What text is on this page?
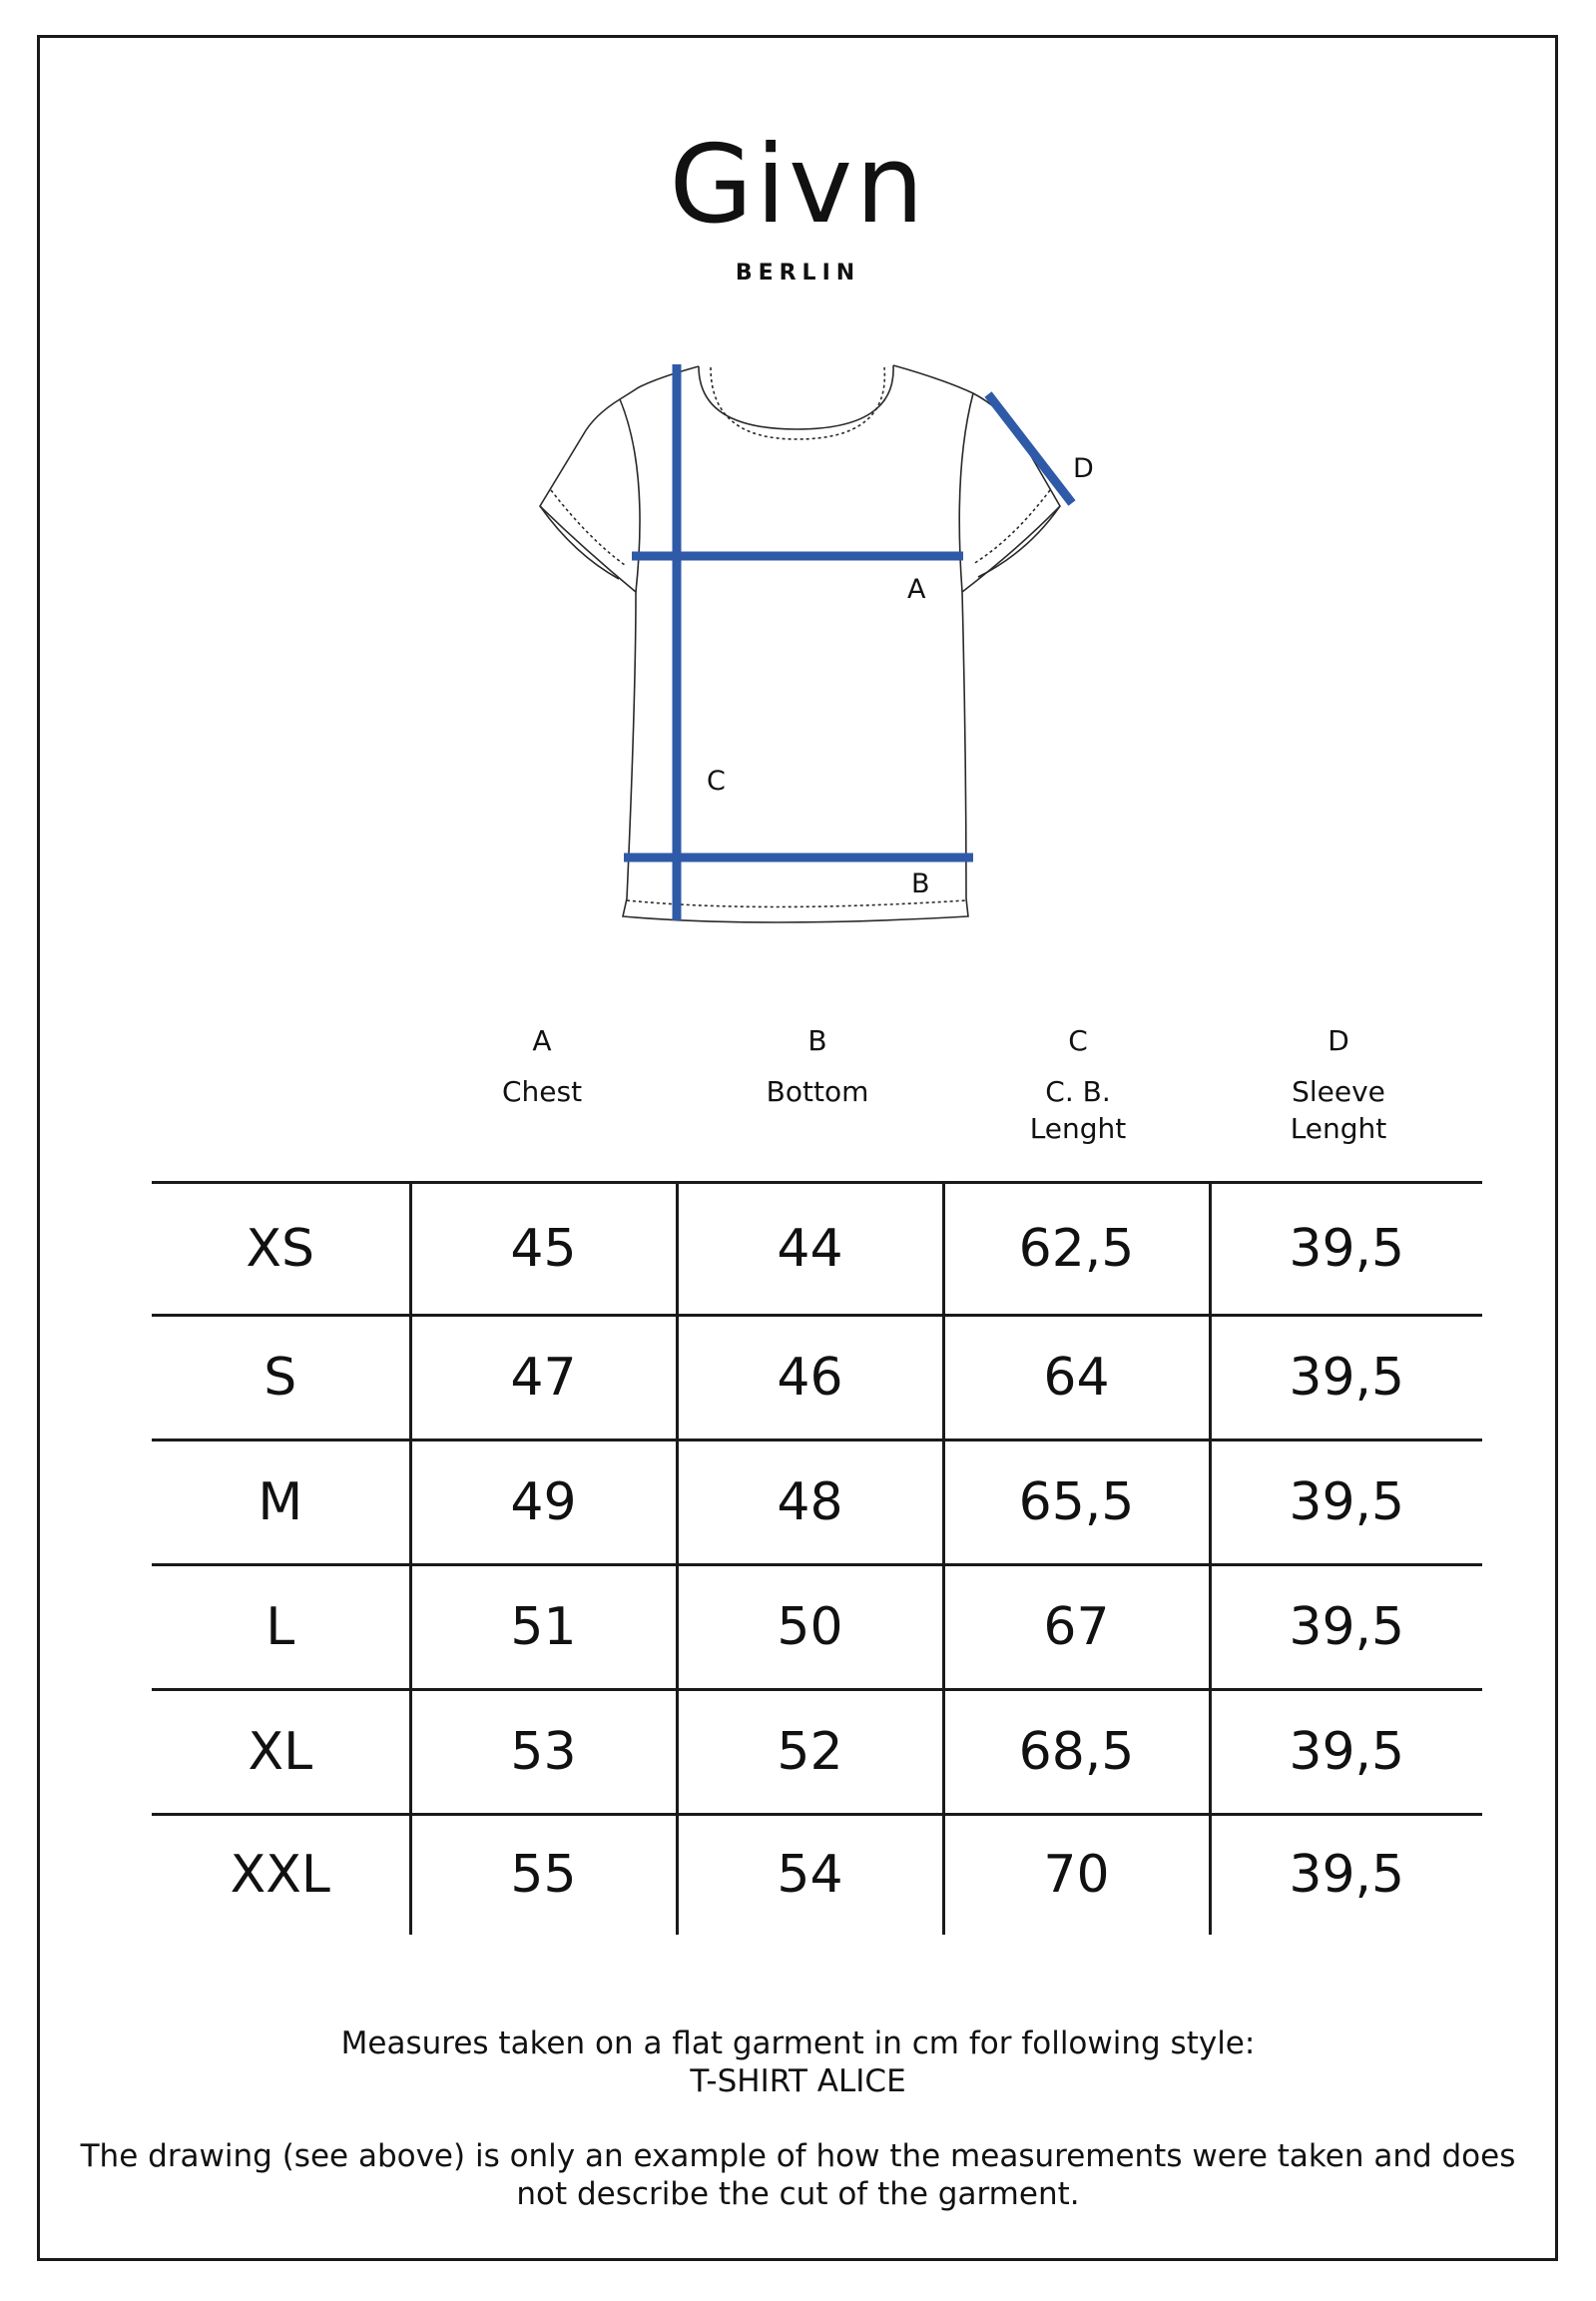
Givn
BERLIN
D
A
C
B
A
Chest
B
Bottom
C
C. B. Lenght
D
Sleeve Lenght
XS	45	44	62,5	39,5
S	47	46	64	39,5
M	49	48	65,5	39,5
L	51	50	67	39,5
XL	53	52	68,5	39,5
XXL	55	54	70	39,5
Measures taken on a flat garment in cm for following style:
T-SHIRT ALICE
The drawing (see above) is only an example of how the measurements were taken and does
not describe the cut of the garment.
